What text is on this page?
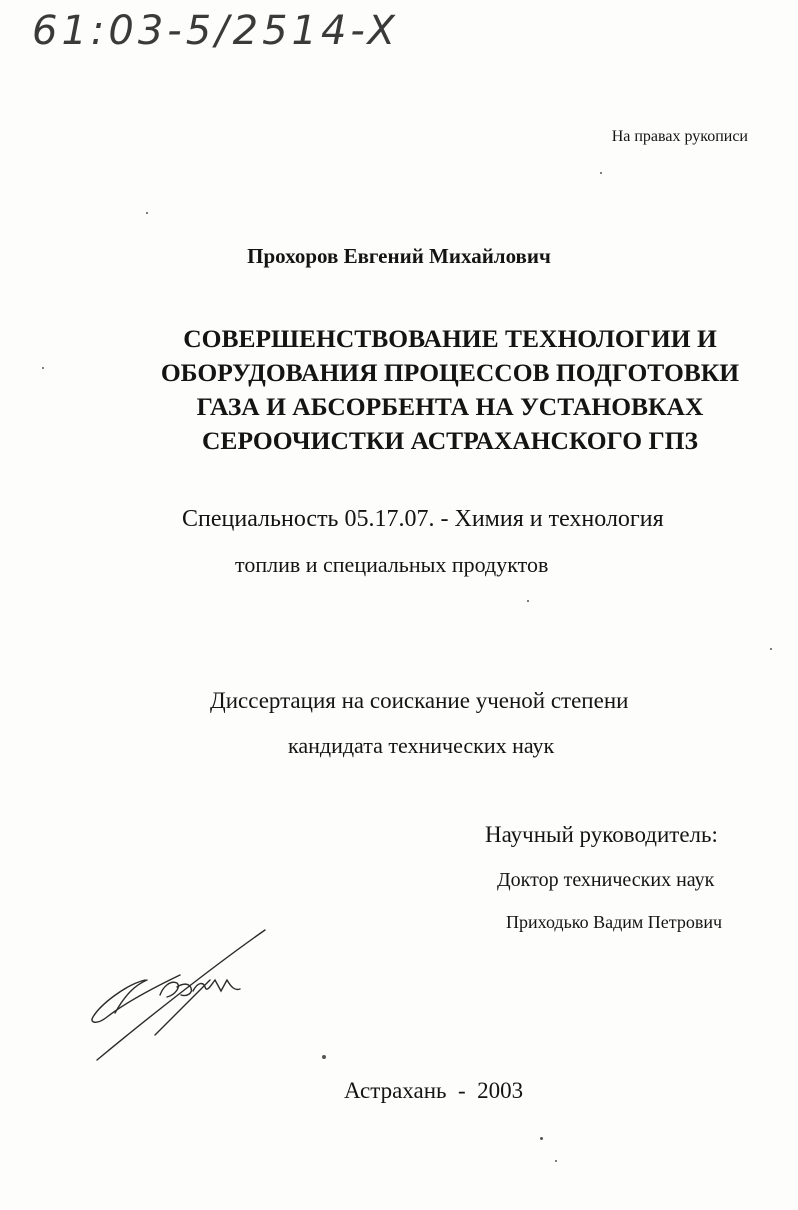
61:03-5/2514-X
На правах рукописи
Прохоров Евгений Михайлович
СОВЕРШЕНСТВОВАНИЕ ТЕХНОЛОГИИ И
ОБОРУДОВАНИЯ ПРОЦЕССОВ ПОДГОТОВКИ
ГАЗА И АБСОРБЕНТА НА УСТАНОВКАХ
СЕРООЧИСТКИ АСТРАХАНСКОГО ГПЗ
Специальность 05.17.07. - Химия и технология
топлив и специальных продуктов
Диссертация на соискание ученой степени
кандидата технических наук
Научный руководитель:
Доктор технических наук
Приходько Вадим Петрович
Астрахань - 2003
